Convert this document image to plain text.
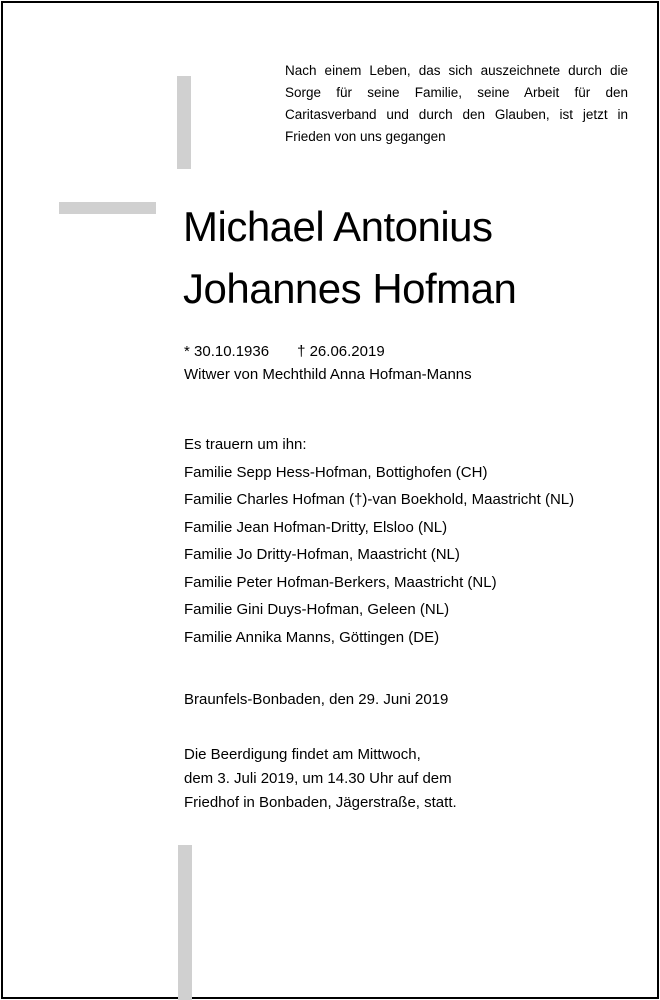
Nach einem Leben, das sich auszeichnete durch die Sorge für seine Familie, seine Arbeit für den Caritasverband und durch den Glauben, ist jetzt in Frieden von uns gegangen
Michael Antonius
Johannes Hofman
* 30.10.1936 † 26.06.2019
Witwer von Mechthild Anna Hofman-Manns
Es trauern um ihn:
Familie Sepp Hess-Hofman, Bottighofen (CH)
Familie Charles Hofman (†)-van Boekhold, Maastricht (NL)
Familie Jean Hofman-Dritty, Elsloo (NL)
Familie Jo Dritty-Hofman, Maastricht (NL)
Familie Peter Hofman-Berkers, Maastricht (NL)
Familie Gini Duys-Hofman, Geleen (NL)
Familie Annika Manns, Göttingen (DE)
Braunfels-Bonbaden, den 29. Juni 2019
Die Beerdigung findet am Mittwoch,
dem 3. Juli 2019, um 14.30 Uhr auf dem
Friedhof in Bonbaden, Jägerstraße, statt.
